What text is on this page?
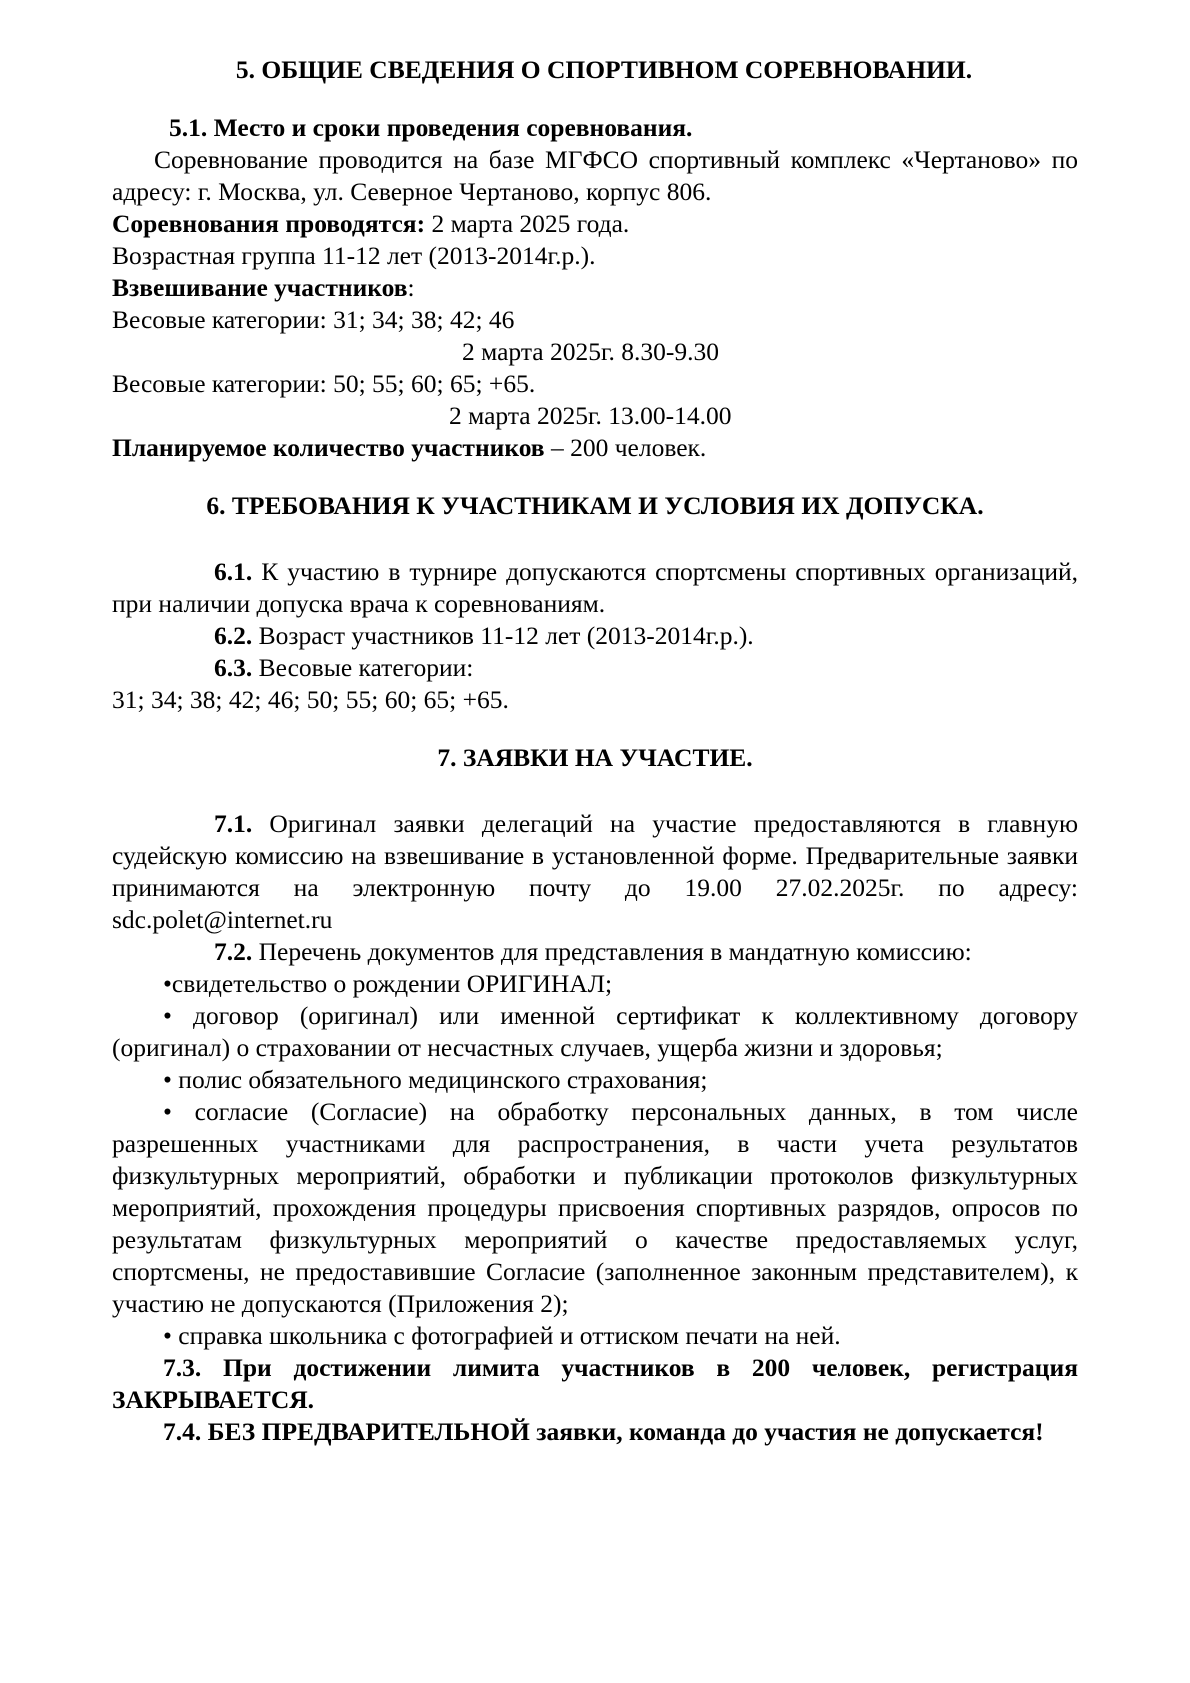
5. ОБЩИЕ СВЕДЕНИЯ О СПОРТИВНОМ СОРЕВНОВАНИИ.

5.1. Место и сроки проведения соревнования.

Соревнование проводится на базе МГФСО спортивный комплекс «Чертаново» по адресу: г. Москва, ул. Северное Чертаново, корпус 806.

Соревнования проводятся: 2 марта 2025 года.

Возрастная группа 11-12 лет (2013-2014г.р.).

Взвешивание участников:

Весовые категории: 31; 34; 38; 42; 46

2 марта 2025г. 8.30-9.30

Весовые категории: 50; 55; 60; 65; +65.

2 марта 2025г. 13.00-14.00

Планируемое количество участников – 200 человек.

6. ТРЕБОВАНИЯ К УЧАСТНИКАМ И УСЛОВИЯ ИХ ДОПУСКА.

6.1. К участию в турнире допускаются спортсмены спортивных организаций, при наличии допуска врача к соревнованиям.

6.2. Возраст участников 11-12 лет (2013-2014г.р.).

6.3. Весовые категории:

31; 34; 38; 42; 46; 50; 55; 60; 65; +65.

7. ЗАЯВКИ НА УЧАСТИЕ.

7.1. Оригинал заявки делегаций на участие предоставляются в главную судейскую комиссию на взвешивание в установленной форме. Предварительные заявки принимаются на электронную почту до 19.00 27.02.2025г. по адресу: sdc.polet@internet.ru

7.2. Перечень документов для представления в мандатную комиссию:

•свидетельство о рождении ОРИГИНАЛ;

• договор (оригинал) или именной сертификат к коллективному договору (оригинал) о страховании от несчастных случаев, ущерба жизни и здоровья;

• полис обязательного медицинского страхования;

• согласие (Согласие) на обработку персональных данных, в том числе разрешенных участниками для распространения, в части учета результатов физкультурных мероприятий, обработки и публикации протоколов физкультурных мероприятий, прохождения процедуры присвоения спортивных разрядов, опросов по результатам физкультурных мероприятий о качестве предоставляемых услуг, спортсмены, не предоставившие Согласие (заполненное законным представителем), к участию не допускаются (Приложения 2);

• справка школьника с фотографией и оттиском печати на ней.

7.3. При достижении лимита участников в 200 человек, регистрация ЗАКРЫВАЕТСЯ.

7.4. БЕЗ ПРЕДВАРИТЕЛЬНОЙ заявки, команда до участия не допускается!
